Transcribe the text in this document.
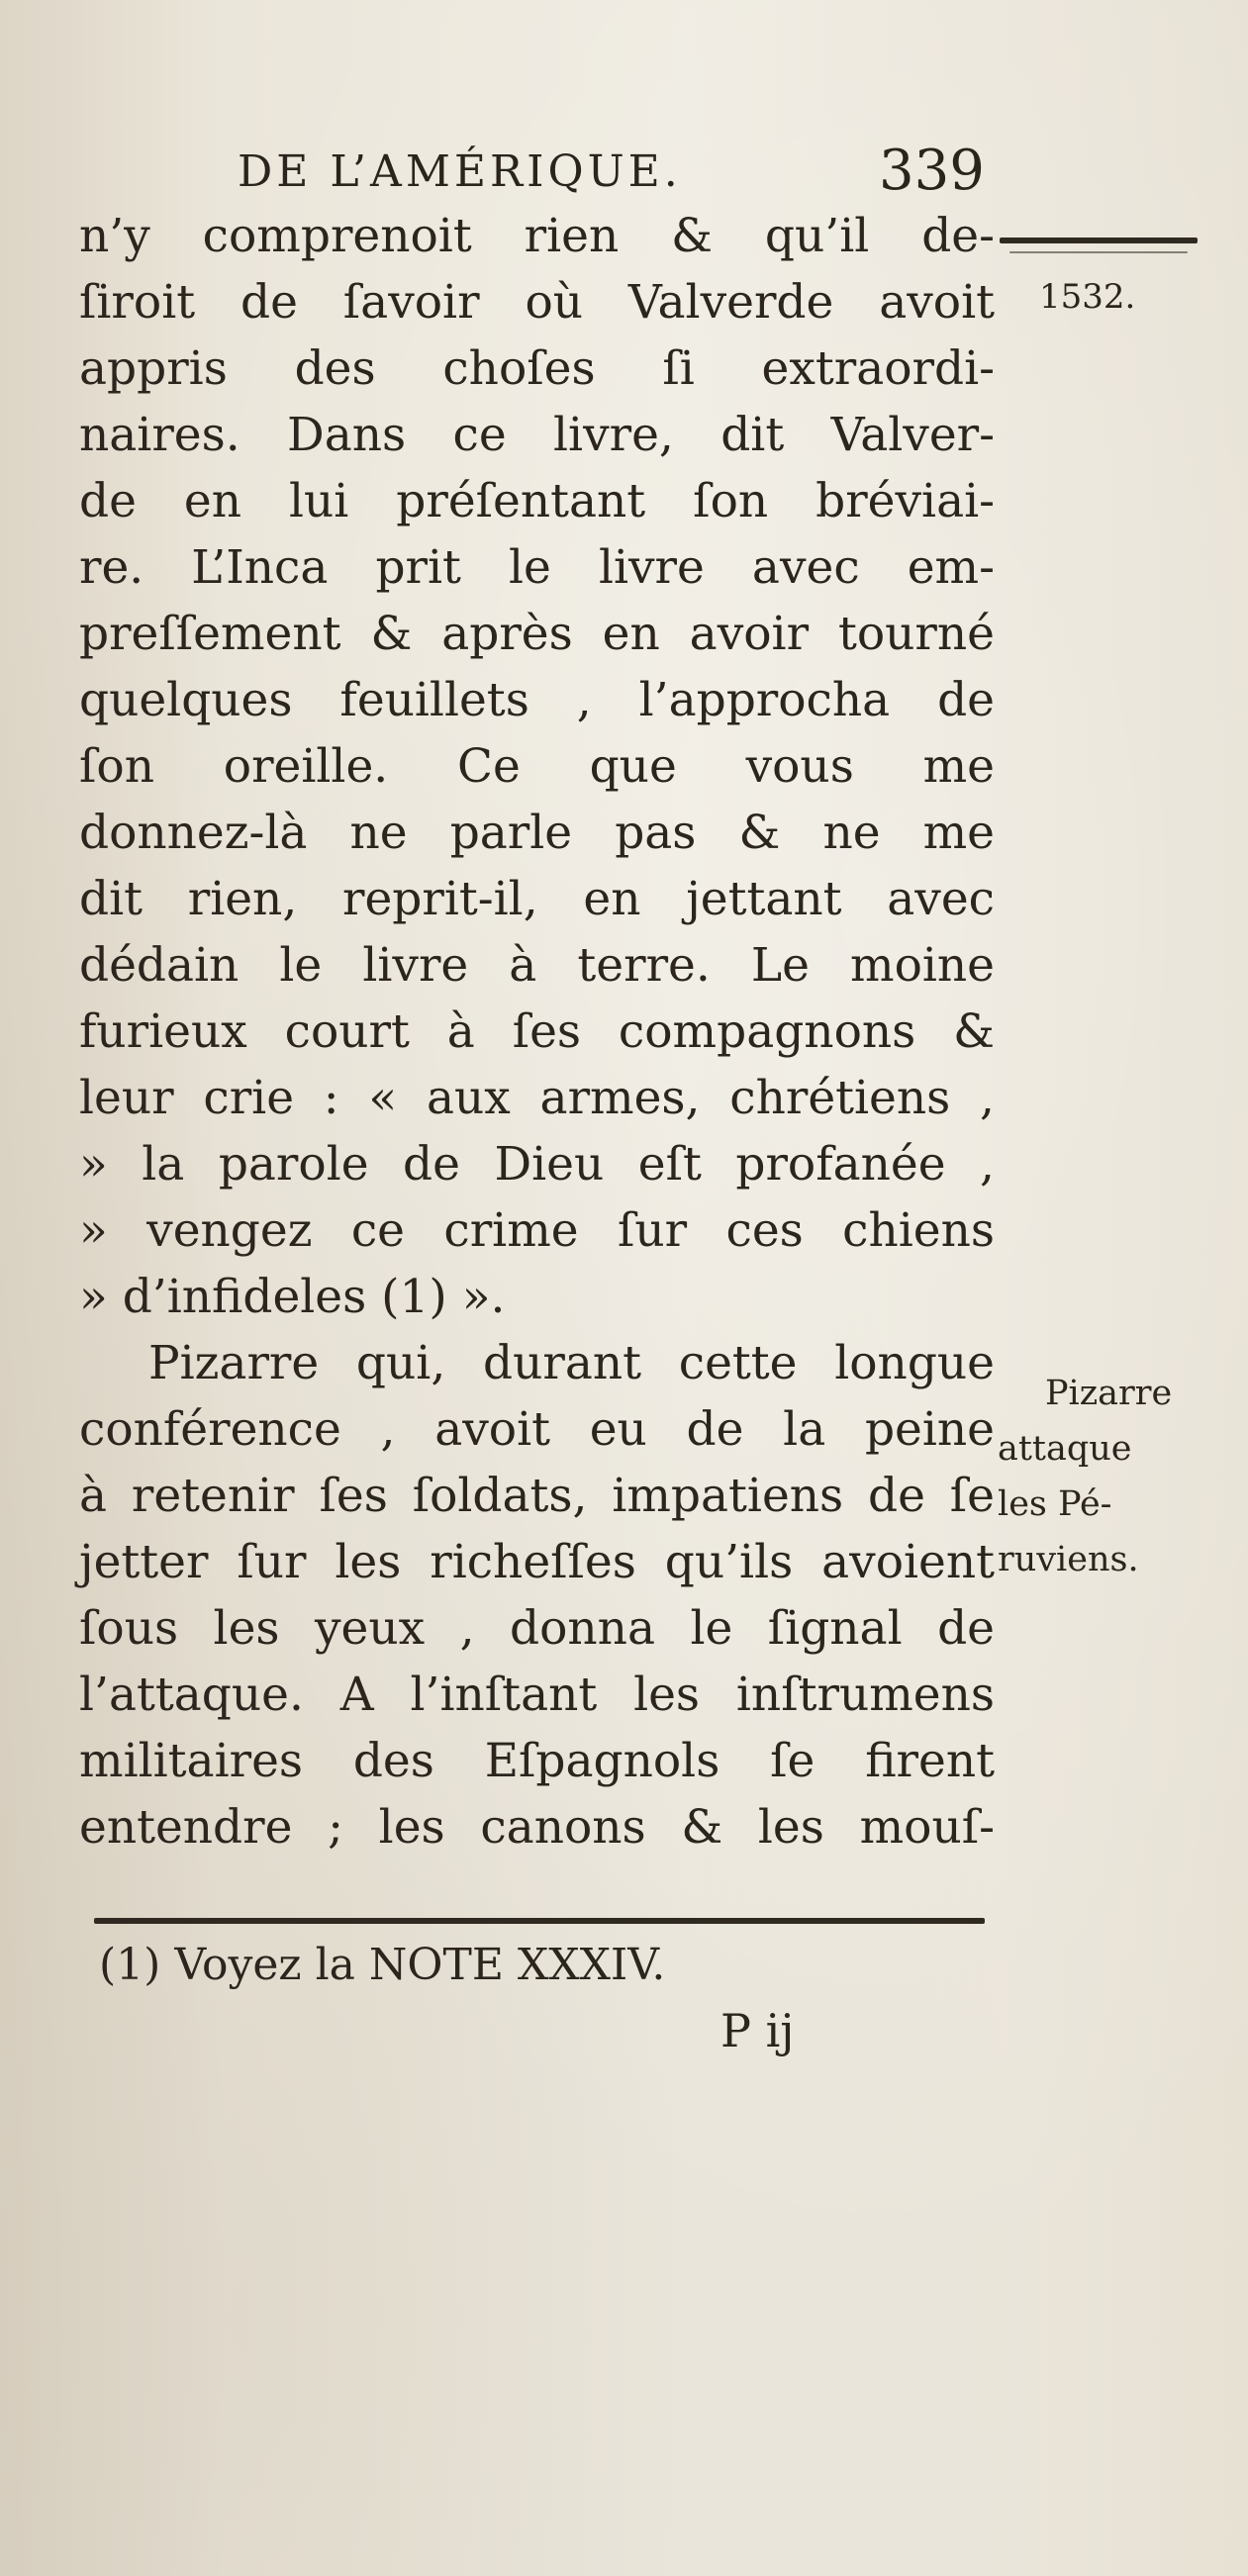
DE L’AMÉRIQUE.	339
1532.
n’y comprenoit rien & qu’il de-
ſiroit de ſavoir où Valverde avoit
appris des choſes ſi extraordi-
naires. Dans ce livre, dit Valver-
de en lui préſentant ſon bréviai-
re. L’Inca prit le livre avec em-
preſſement & après en avoir tourné
quelques feuillets , l’approcha de
ſon oreille. Ce que vous me
donnez-là ne parle pas & ne me
dit rien, reprit-il, en jettant avec
dédain le livre à terre. Le moine
furieux court à ſes compagnons &
leur crie : « aux armes, chrétiens ,
» la parole de Dieu eſt profanée ,
» vengez ce crime ſur ces chiens
» d’infideles (1) ».
Pizarre qui, durant cette longue
conférence , avoit eu de la peine
à retenir ſes ſoldats, impatiens de ſe
jetter ſur les richeſſes qu’ils avoient
ſous les yeux , donna le ſignal de
l’attaque. A l’inſtant les inſtrumens
militaires des Eſpagnols ſe firent
entendre ; les canons & les mouſ-
Pizarre
attaque
les Pé-
ruviens.
(1) Voyez la NOTE XXXIV.
P ij
